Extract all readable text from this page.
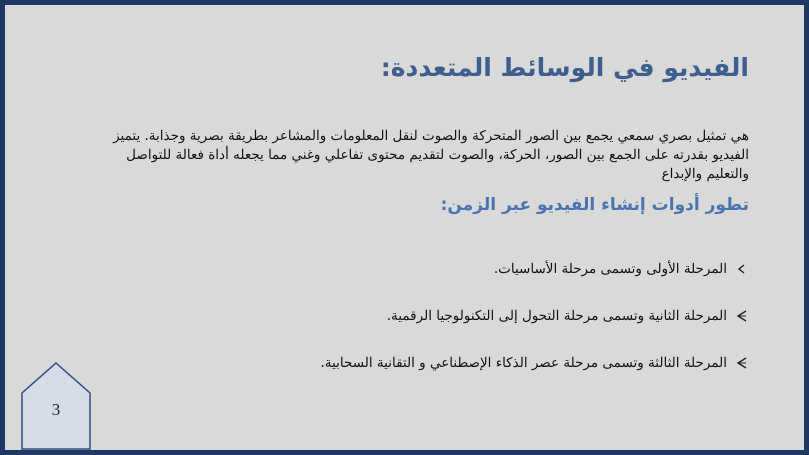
الفيديو في الوسائط المتعددة:
هي تمثيل بصري سمعي يجمع بين الصور المتحركة والصوت لنقل المعلومات والمشاعر بطريقة بصرية وجذابة. يتميز
الفيديو بقدرته على الجمع بين الصور، الحركة، والصوت لتقديم محتوى تفاعلي وغني مما يجعله أداة فعالة للتواصل
والتعليم والإبداع
تطور أدوات إنشاء الفيديو عبر الزمن:
المرحلة الأولى وتسمى مرحلة الأساسيات.
المرحلة الثانية وتسمى مرحلة التحول إلى التكنولوجيا الرقمية.
المرحلة الثالثة وتسمى مرحلة عصر الذكاء الإصطناعي و التقانية السحابية.
3
